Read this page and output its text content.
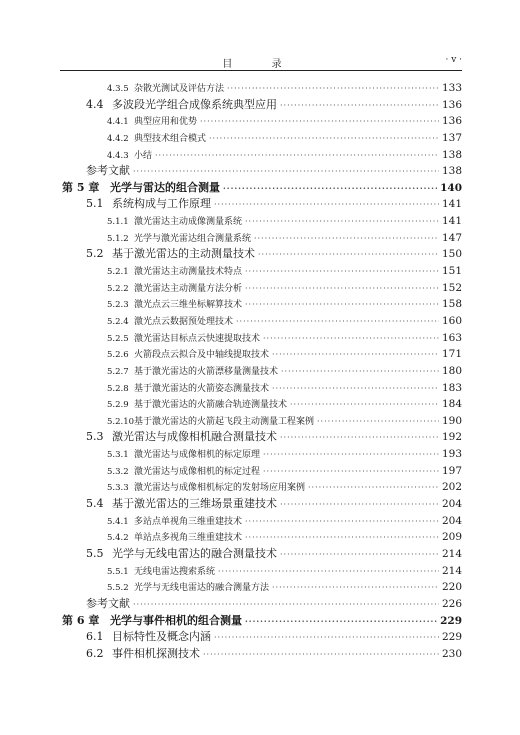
目 录	· v ·
4.3.5 杂散光测试及评估方法 ·····	133
4.4 多波段光学组合成像系统典型应用 ·····	136
4.4.1 典型应用和优势 ·····	136
4.4.2 典型技术组合模式 ·····	137
4.4.3 小结 ·····	138
参考文献 ·····	138
第 5 章 光学与雷达的组合测量 ·····	140
5.1 系统构成与工作原理 ·····	141
5.1.1 激光雷达主动成像测量系统 ·····	141
5.1.2 光学与激光雷达组合测量系统 ·····	147
5.2 基于激光雷达的主动测量技术 ·····	150
5.2.1 激光雷达主动测量技术特点 ·····	151
5.2.2 激光雷达主动测量方法分析 ·····	152
5.2.3 激光点云三维坐标解算技术 ·····	158
5.2.4 激光点云数据预处理技术 ·····	160
5.2.5 激光雷达目标点云快速提取技术 ·····	163
5.2.6 火箭段点云拟合及中轴线提取技术 ·····	171
5.2.7 基于激光雷达的火箭漂移量测量技术 ·····	180
5.2.8 基于激光雷达的火箭姿态测量技术 ·····	183
5.2.9 基于激光雷达的火箭融合轨迹测量技术 ·····	184
5.2.10 基于激光雷达的火箭起飞段主动测量工程案例 ·····	190
5.3 激光雷达与成像相机融合测量技术 ·····	192
5.3.1 激光雷达与成像相机的标定原理 ·····	193
5.3.2 激光雷达与成像相机的标定过程 ·····	197
5.3.3 激光雷达与成像相机标定的发射场应用案例 ·····	202
5.4 基于激光雷达的三维场景重建技术 ·····	204
5.4.1 多站点单视角三维重建技术 ·····	204
5.4.2 单站点多视角三维重建技术 ·····	209
5.5 光学与无线电雷达的融合测量技术 ·····	214
5.5.1 无线电雷达搜索系统 ·····	214
5.5.2 光学与无线电雷达的融合测量方法 ·····	220
参考文献 ·····	226
第 6 章 光学与事件相机的组合测量 ·····	229
6.1 目标特性及概念内涵 ·····	229
6.2 事件相机探测技术 ·····	230
